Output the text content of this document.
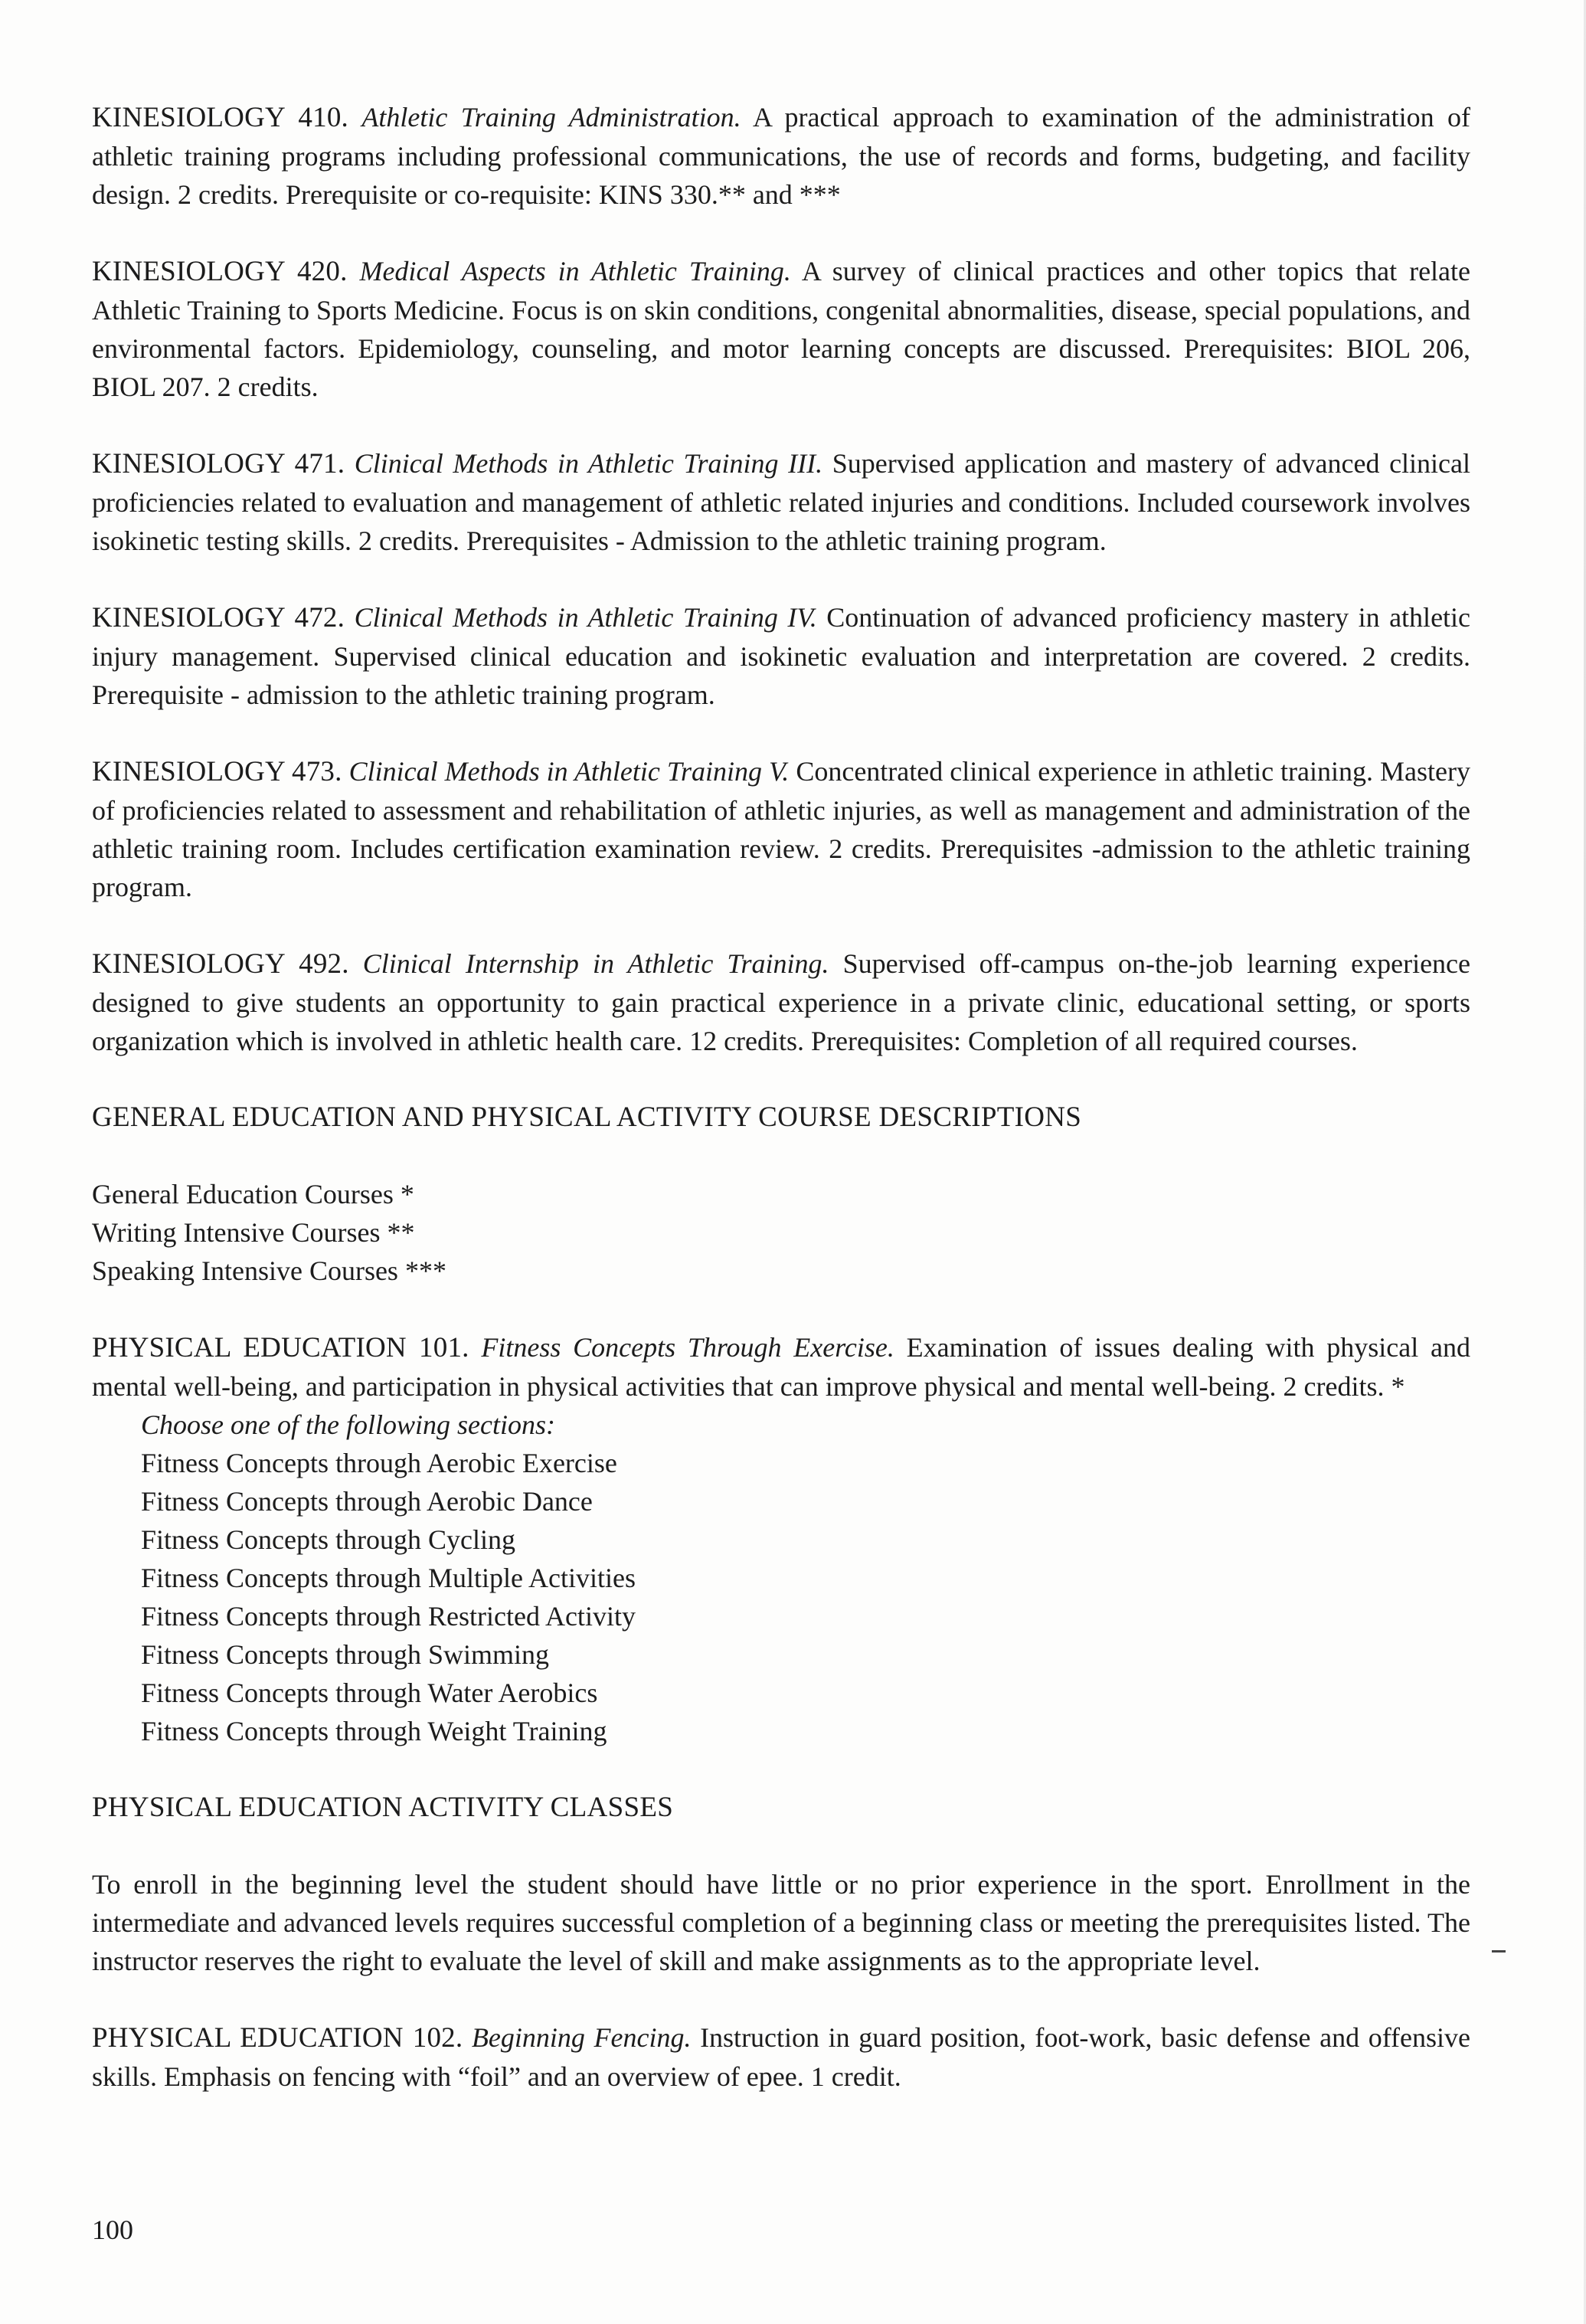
KINESIOLOGY 410. Athletic Training Administration. A practical approach to examination of the administration of athletic training programs including professional communications, the use of records and forms, budgeting, and facility design. 2 credits. Prerequisite or co-requisite: KINS 330.** and ***
KINESIOLOGY 420. Medical Aspects in Athletic Training. A survey of clinical practices and other topics that relate Athletic Training to Sports Medicine. Focus is on skin conditions, congenital abnormalities, disease, special populations, and environmental factors. Epidemiology, counseling, and motor learning concepts are discussed. Prerequisites: BIOL 206, BIOL 207. 2 credits.
KINESIOLOGY 471. Clinical Methods in Athletic Training III. Supervised application and mastery of advanced clinical proficiencies related to evaluation and management of athletic related injuries and conditions. Included coursework involves isokinetic testing skills. 2 credits. Prerequisites - Admission to the athletic training program.
KINESIOLOGY 472. Clinical Methods in Athletic Training IV. Continuation of advanced proficiency mastery in athletic injury management. Supervised clinical education and isokinetic evaluation and interpretation are covered. 2 credits. Prerequisite - admission to the athletic training program.
KINESIOLOGY 473. Clinical Methods in Athletic Training V. Concentrated clinical experience in athletic training. Mastery of proficiencies related to assessment and rehabilitation of athletic injuries, as well as management and administration of the athletic training room. Includes certification examination review. 2 credits. Prerequisites -admission to the athletic training program.
KINESIOLOGY 492. Clinical Internship in Athletic Training. Supervised off-campus on-the-job learning experience designed to give students an opportunity to gain practical experience in a private clinic, educational setting, or sports organization which is involved in athletic health care. 12 credits. Prerequisites: Completion of all required courses.
GENERAL EDUCATION AND PHYSICAL ACTIVITY COURSE DESCRIPTIONS
General Education Courses *
Writing Intensive Courses **
Speaking Intensive Courses ***
PHYSICAL EDUCATION 101. Fitness Concepts Through Exercise. Examination of issues dealing with physical and mental well-being, and participation in physical activities that can improve physical and mental well-being. 2 credits. *
Choose one of the following sections:
Fitness Concepts through Aerobic Exercise
Fitness Concepts through Aerobic Dance
Fitness Concepts through Cycling
Fitness Concepts through Multiple Activities
Fitness Concepts through Restricted Activity
Fitness Concepts through Swimming
Fitness Concepts through Water Aerobics
Fitness Concepts through Weight Training
PHYSICAL EDUCATION ACTIVITY CLASSES
To enroll in the beginning level the student should have little or no prior experience in the sport. Enrollment in the intermediate and advanced levels requires successful completion of a beginning class or meeting the prerequisites listed. The instructor reserves the right to evaluate the level of skill and make assignments as to the appropriate level.
PHYSICAL EDUCATION 102. Beginning Fencing. Instruction in guard position, foot-work, basic defense and offensive skills. Emphasis on fencing with “foil” and an overview of epee. 1 credit.
100
